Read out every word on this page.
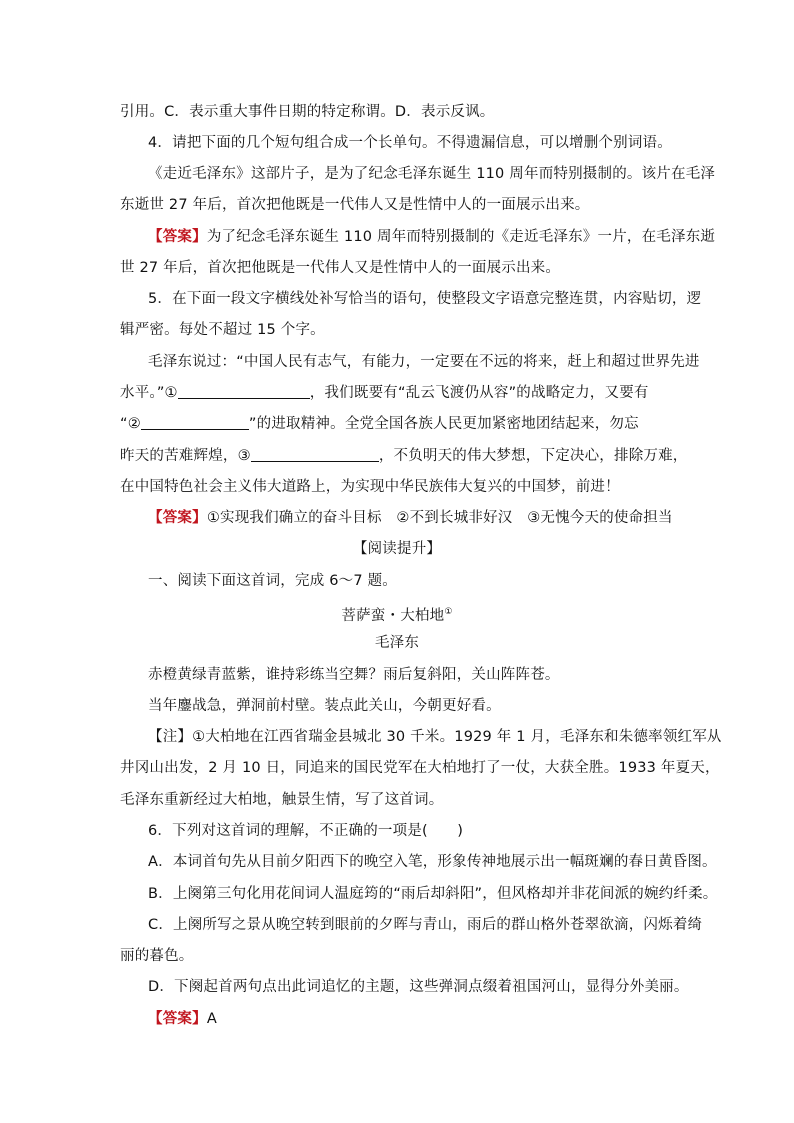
引用。C．表示重大事件日期的特定称谓。D．表示反讽。
4．请把下面的几个短句组合成一个长单句。不得遗漏信息，可以增删个别词语。
《走近毛泽东》这部片子，是为了纪念毛泽东诞生 110 周年而特别摄制的。该片在毛泽
东逝世 27 年后，首次把他既是一代伟人又是性情中人的一面展示出来。
【答案】为了纪念毛泽东诞生 110 周年而特别摄制的《走近毛泽东》一片，在毛泽东逝
世 27 年后，首次把他既是一代伟人又是性情中人的一面展示出来。
5．在下面一段文字横线处补写恰当的语句，使整段文字语意完整连贯，内容贴切，逻
辑严密。每处不超过 15 个字。
毛泽东说过：“中国人民有志气，有能力，一定要在不远的将来，赶上和超过世界先进
水平。”①	，我们既要有“乱云飞渡仍从容”的战略定力，又要有
“②	”的进取精神。全党全国各族人民更加紧密地团结起来，勿忘
昨天的苦难辉煌，③	，不负明天的伟大梦想，下定决心，排除万难，
在中国特色社会主义伟大道路上，为实现中华民族伟大复兴的中国梦，前进！
【答案】①实现我们确立的奋斗目标　②不到长城非好汉　③无愧今天的使命担当
【阅读提升】
一、阅读下面这首词，完成 6～7 题。
菩萨蛮・大柏地①
毛泽东
赤橙黄绿青蓝紫，谁持彩练当空舞？雨后复斜阳，关山阵阵苍。
当年鏖战急，弹洞前村壁。装点此关山，今朝更好看。
【注】①大柏地在江西省瑞金县城北 30 千米。1929 年 1 月，毛泽东和朱德率领红军从
井冈山出发，2 月 10 日，同追来的国民党军在大柏地打了一仗，大获全胜。1933 年夏天，
毛泽东重新经过大柏地，触景生情，写了这首词。
6．下列对这首词的理解，不正确的一项是(　　)
A．本词首句先从目前夕阳西下的晚空入笔，形象传神地展示出一幅斑斓的春日黄昏图。
B．上阕第三句化用花间词人温庭筠的“雨后却斜阳”，但风格却并非花间派的婉约纤柔。
C．上阕所写之景从晚空转到眼前的夕晖与青山，雨后的群山格外苍翠欲滴，闪烁着绮
丽的暮色。
D．下阕起首两句点出此词追忆的主题，这些弹洞点缀着祖国河山，显得分外美丽。
【答案】A
